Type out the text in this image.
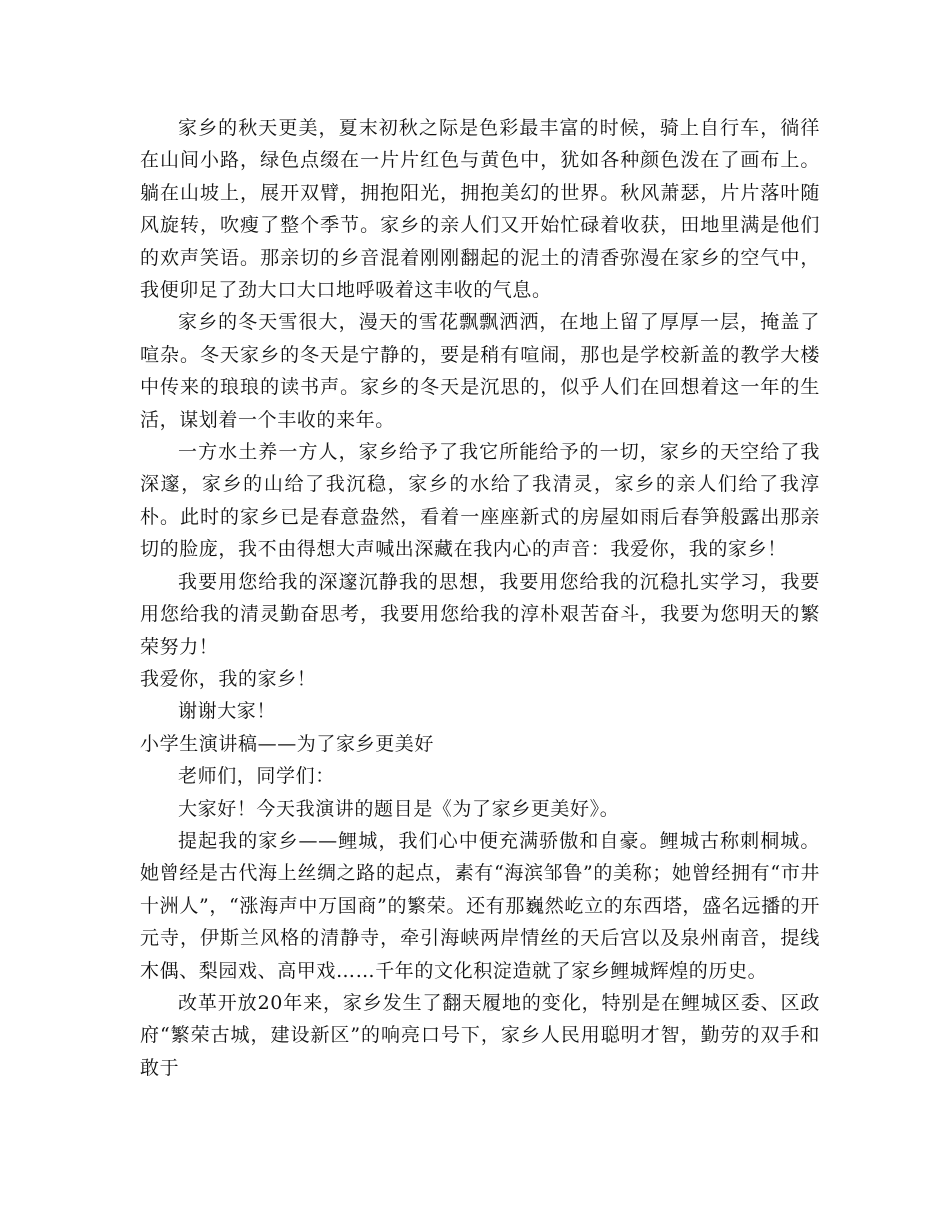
家乡的秋天更美，夏末初秋之际是色彩最丰富的时候，骑上自行车，徜徉在山间小路，绿色点缀在一片片红色与黄色中，犹如各种颜色泼在了画布上。躺在山坡上，展开双臂，拥抱阳光，拥抱美幻的世界。秋风萧瑟，片片落叶随风旋转，吹瘦了整个季节。家乡的亲人们又开始忙碌着收获，田地里满是他们的欢声笑语。那亲切的乡音混着刚刚翻起的泥土的清香弥漫在家乡的空气中，我便卯足了劲大口大口地呼吸着这丰收的气息。

家乡的冬天雪很大，漫天的雪花飘飘洒洒，在地上留了厚厚一层，掩盖了喧杂。冬天家乡的冬天是宁静的，要是稍有喧闹，那也是学校新盖的教学大楼中传来的琅琅的读书声。家乡的冬天是沉思的，似乎人们在回想着这一年的生活，谋划着一个丰收的来年。

一方水土养一方人，家乡给予了我它所能给予的一切，家乡的天空给了我深邃，家乡的山给了我沉稳，家乡的水给了我清灵，家乡的亲人们给了我淳朴。此时的家乡已是春意盎然，看着一座座新式的房屋如雨后春笋般露出那亲切的脸庞，我不由得想大声喊出深藏在我内心的声音：我爱你，我的家乡！

我要用您给我的深邃沉静我的思想，我要用您给我的沉稳扎实学习，我要用您给我的清灵勤奋思考，我要用您给我的淳朴艰苦奋斗，我要为您明天的繁荣努力！

我爱你，我的家乡！

谢谢大家！

小学生演讲稿——为了家乡更美好

老师们，同学们：

大家好！今天我演讲的题目是《为了家乡更美好》。

提起我的家乡——鲤城，我们心中便充满骄傲和自豪。鲤城古称刺桐城。她曾经是古代海上丝绸之路的起点，素有“海滨邹鲁”的美称；她曾经拥有“市井十洲人”，“涨海声中万国商”的繁荣。还有那巍然屹立的东西塔，盛名远播的开元寺，伊斯兰风格的清静寺，牵引海峡两岸情丝的天后宫以及泉州南音，提线木偶、梨园戏、高甲戏……千年的文化积淀造就了家乡鲤城辉煌的历史。

改革开放20年来，家乡发生了翻天履地的变化，特别是在鲤城区委、区政府“繁荣古城，建设新区”的响亮口号下，家乡人民用聪明才智，勤劳的双手和敢于
